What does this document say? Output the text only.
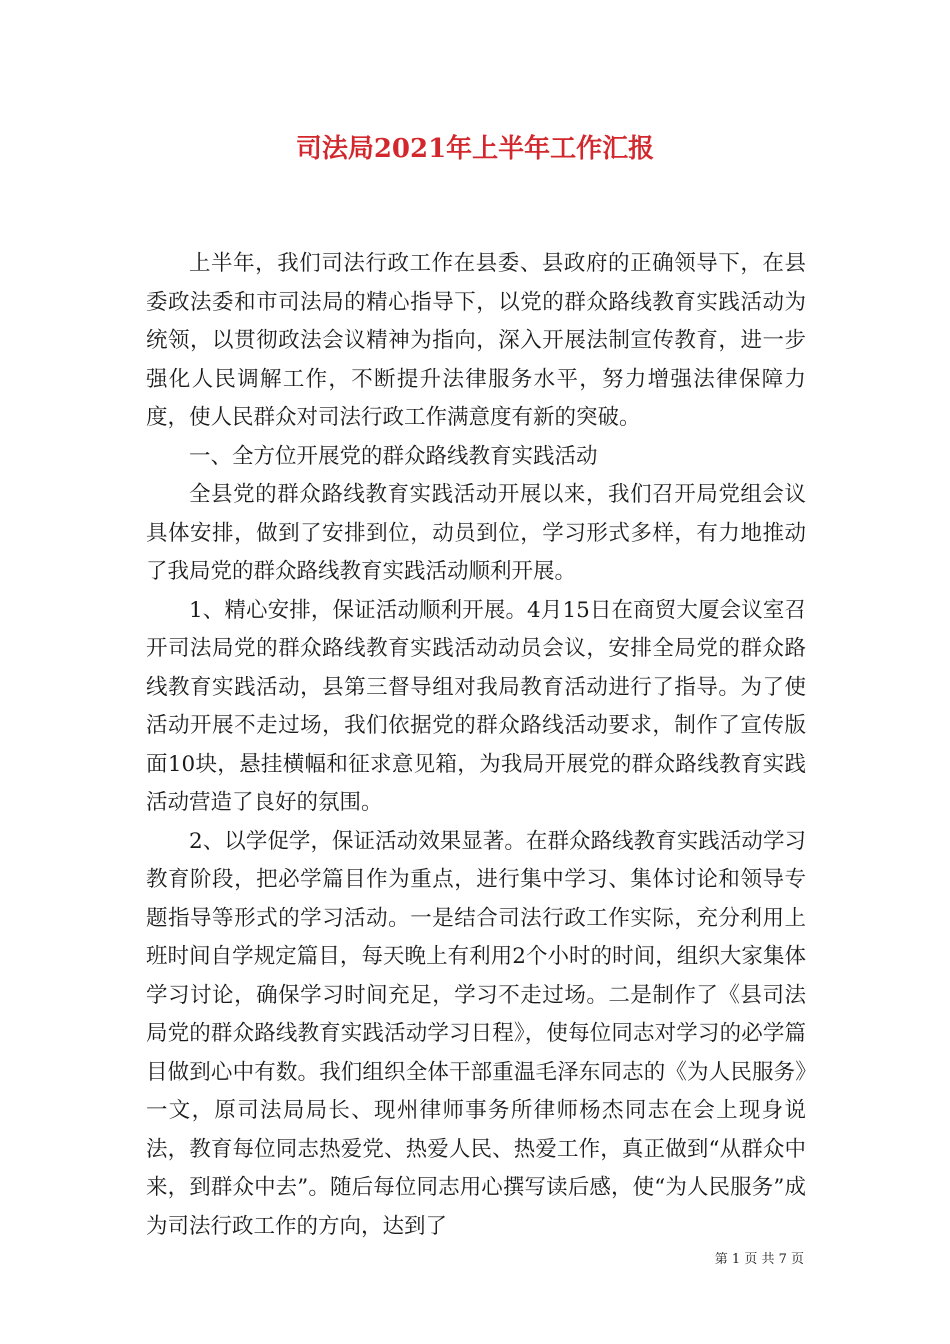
司法局2021年上半年工作汇报

上半年，我们司法行政工作在县委、县政府的正确领导下，在县委政法委和市司法局的精心指导下，以党的群众路线教育实践活动为统领，以贯彻政法会议精神为指向，深入开展法制宣传教育，进一步强化人民调解工作，不断提升法律服务水平，努力增强法律保障力度，使人民群众对司法行政工作满意度有新的突破。

一、全方位开展党的群众路线教育实践活动

全县党的群众路线教育实践活动开展以来，我们召开局党组会议具体安排，做到了安排到位，动员到位，学习形式多样，有力地推动了我局党的群众路线教育实践活动顺利开展。

1、精心安排，保证活动顺利开展。4月15日在商贸大厦会议室召开司法局党的群众路线教育实践活动动员会议，安排全局党的群众路线教育实践活动，县第三督导组对我局教育活动进行了指导。为了使活动开展不走过场，我们依据党的群众路线活动要求，制作了宣传版面10块，悬挂横幅和征求意见箱，为我局开展党的群众路线教育实践活动营造了良好的氛围。

2、以学促学，保证活动效果显著。在群众路线教育实践活动学习教育阶段，把必学篇目作为重点，进行集中学习、集体讨论和领导专题指导等形式的学习活动。一是结合司法行政工作实际，充分利用上班时间自学规定篇目，每天晚上有利用2个小时的时间，组织大家集体学习讨论，确保学习时间充足，学习不走过场。二是制作了《县司法局党的群众路线教育实践活动学习日程》，使每位同志对学习的必学篇目做到心中有数。我们组织全体干部重温毛泽东同志的《为人民服务》一文，原司法局局长、现州律师事务所律师杨杰同志在会上现身说法，教育每位同志热爱党、热爱人民、热爱工作，真正做到“从群众中来，到群众中去”。随后每位同志用心撰写读后感，使“为人民服务”成为司法行政工作的方向，达到了

第 1 页 共 7 页
